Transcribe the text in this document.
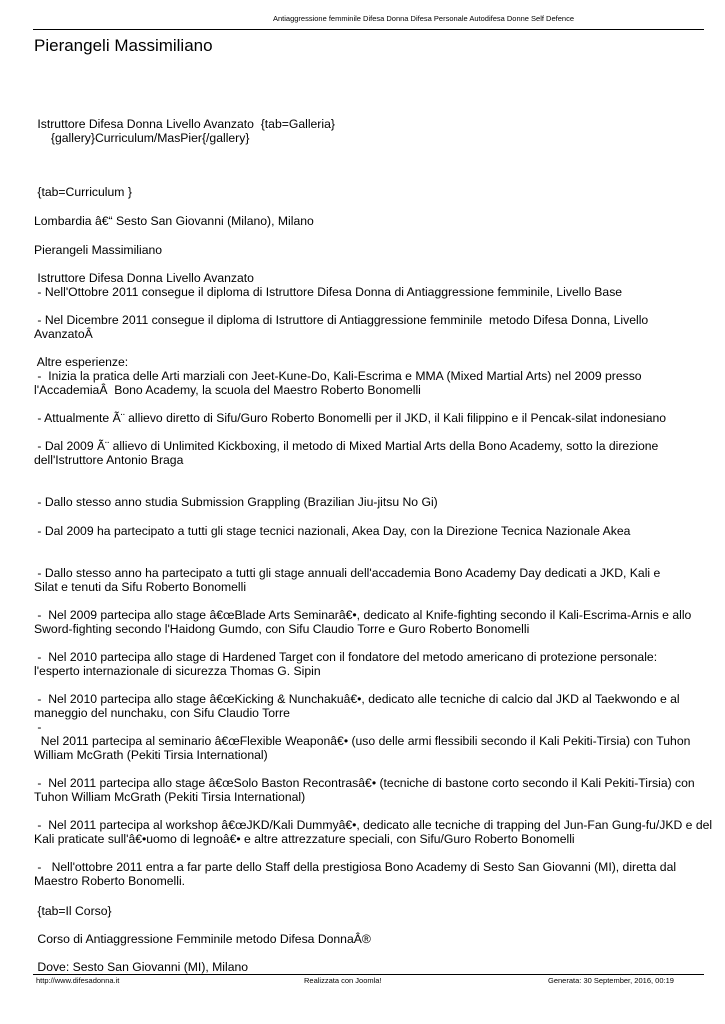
Antiaggressione femminile Difesa Donna Difesa Personale Autodifesa Donne Self Defence
Pierangeli Massimiliano
Istruttore Difesa Donna Livello Avanzato  {tab=Galleria}
{gallery}Curriculum/MasPier{/gallery}
{tab=Curriculum }
Lombardia â€“ Sesto San Giovanni (Milano), Milano
Pierangeli Massimiliano
Istruttore Difesa Donna Livello Avanzato
- Nell'Ottobre 2011 consegue il diploma di Istruttore Difesa Donna di Antiaggressione femminile, Livello Base
- Nel Dicembre 2011 consegue il diploma di Istruttore di Antiaggressione femminile  metodo Difesa Donna, Livello
AvanzatoÂ
Altre esperienze:
-  Inizia la pratica delle Arti marziali con Jeet-Kune-Do, Kali-Escrima e MMA (Mixed Martial Arts) nel 2009 presso
l'AccademiaÂ  Bono Academy, la scuola del Maestro Roberto Bonomelli
- Attualmente Ã¨ allievo diretto di Sifu/Guro Roberto Bonomelli per il JKD, il Kali filippino e il Pencak-silat indonesiano
- Dal 2009 Ã¨ allievo di Unlimited Kickboxing, il metodo di Mixed Martial Arts della Bono Academy, sotto la direzione
dell'Istruttore Antonio Braga
- Dallo stesso anno studia Submission Grappling (Brazilian Jiu-jitsu No Gi)
- Dal 2009 ha partecipato a tutti gli stage tecnici nazionali, Akea Day, con la Direzione Tecnica Nazionale Akea
- Dallo stesso anno ha partecipato a tutti gli stage annuali dell'accademia Bono Academy Day dedicati a JKD, Kali e
Silat e tenuti da Sifu Roberto Bonomelli
-  Nel 2009 partecipa allo stage â€œBlade Arts Seminarâ€•, dedicato al Knife-fighting secondo il Kali-Escrima-Arnis e allo
Sword-fighting secondo l'Haidong Gumdo, con Sifu Claudio Torre e Guro Roberto Bonomelli
-  Nel 2010 partecipa allo stage di Hardened Target con il fondatore del metodo americano di protezione personale:
l'esperto internazionale di sicurezza Thomas G. Sipin
-  Nel 2010 partecipa allo stage â€œKicking & Nunchakuâ€•, dedicato alle tecniche di calcio dal JKD al Taekwondo e al
maneggio del nunchaku, con Sifu Claudio Torre
-
Nel 2011 partecipa al seminario â€œFlexible Weaponâ€• (uso delle armi flessibili secondo il Kali Pekiti-Tirsia) con Tuhon
William McGrath (Pekiti Tirsia International)
-  Nel 2011 partecipa allo stage â€œSolo Baston Recontrasâ€• (tecniche di bastone corto secondo il Kali Pekiti-Tirsia) con
Tuhon William McGrath (Pekiti Tirsia International)
-  Nel 2011 partecipa al workshop â€œJKD/Kali Dummyâ€•, dedicato alle tecniche di trapping del Jun-Fan Gung-fu/JKD e del
Kali praticate sull'â€•uomo di legnoâ€• e altre attrezzature speciali, con Sifu/Guro Roberto Bonomelli
-   Nell'ottobre 2011 entra a far parte dello Staff della prestigiosa Bono Academy di Sesto San Giovanni (MI), diretta dal
Maestro Roberto Bonomelli.
{tab=Il Corso}
Corso di Antiaggressione Femminile metodo Difesa DonnaÂ®
Dove: Sesto San Giovanni (MI), Milano
http://www.difesadonna.it	Realizzata con Joomla!	Generata: 30 September, 2016, 00:19
